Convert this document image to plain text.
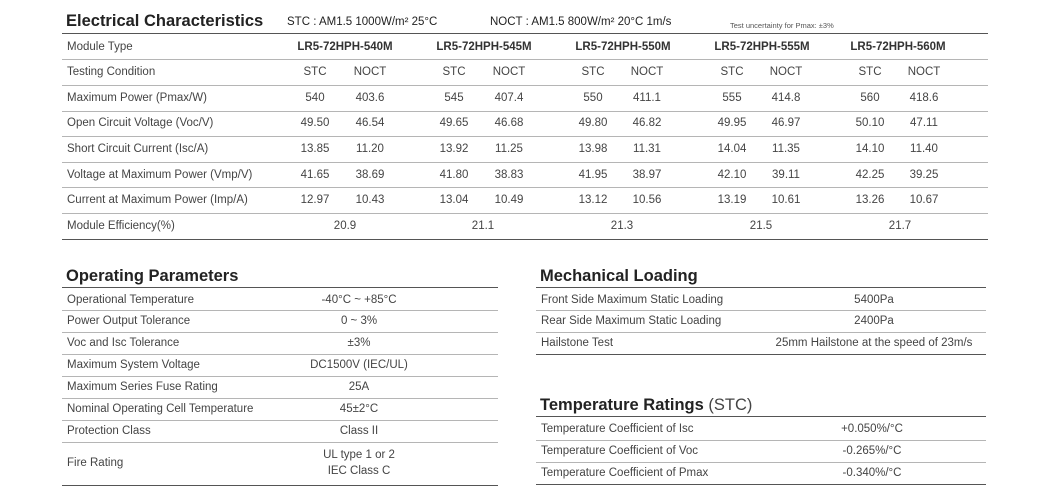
Electrical Characteristics STC : AM1.5 1000W/m² 25°C	NOCT : AM1.5 800W/m² 20°C 1m/s	Test uncertainty for Pmax: ±3%
Module Type	LR5-72HPH-540M	LR5-72HPH-545M	LR5-72HPH-550M	LR5-72HPH-555M	LR5-72HPH-560M
Testing Condition	STC NOCT	STC NOCT	STC NOCT	STC NOCT	STC NOCT
Maximum Power (Pmax/W)	540	403.6	545	407.4	550	411.1	555	414.8	560	418.6
Open Circuit Voltage (Voc/V)	49.50 46.54	49.65 46.68	49.80 46.82	49.95 46.97	50.10 47.11
Short Circuit Current (Isc/A)	13.85 11.20	13.92 11.25	13.98 11.31	14.04 11.35	14.10 11.40
Voltage at Maximum Power (Vmp/V)	41.65 38.69	41.80 38.83	41.95 38.97	42.10 39.11	42.25 39.25
Current at Maximum Power (Imp/A)	12.97 10.43	13.04 10.49	13.12 10.56	13.19 10.61	13.26 10.67
Module Efficiency(%)	20.9	21.1	21.3	21.5	21.7
Operating Parameters
Operational Temperature	-40°C ~ +85°C
Power Output Tolerance	0 ~ 3%
Voc and Isc Tolerance	±3%
Maximum System Voltage	DC1500V (IEC/UL)
Maximum Series Fuse Rating	25A
Nominal Operating Cell Temperature	45±2°C
Protection Class	Class II
Fire Rating
UL type 1 or 2
IEC Class C
Mechanical Loading
Front Side Maximum Static Loading	5400Pa
Rear Side Maximum Static Loading	2400Pa
Hailstone Test	25mm Hailstone at the speed of 23m/s
Temperature Ratings (STC)
Temperature Coefficient of Isc	+0.050%/°C
Temperature Coefficient of Voc	-0.265%/°C
Temperature Coefficient of Pmax	-0.340%/°C
